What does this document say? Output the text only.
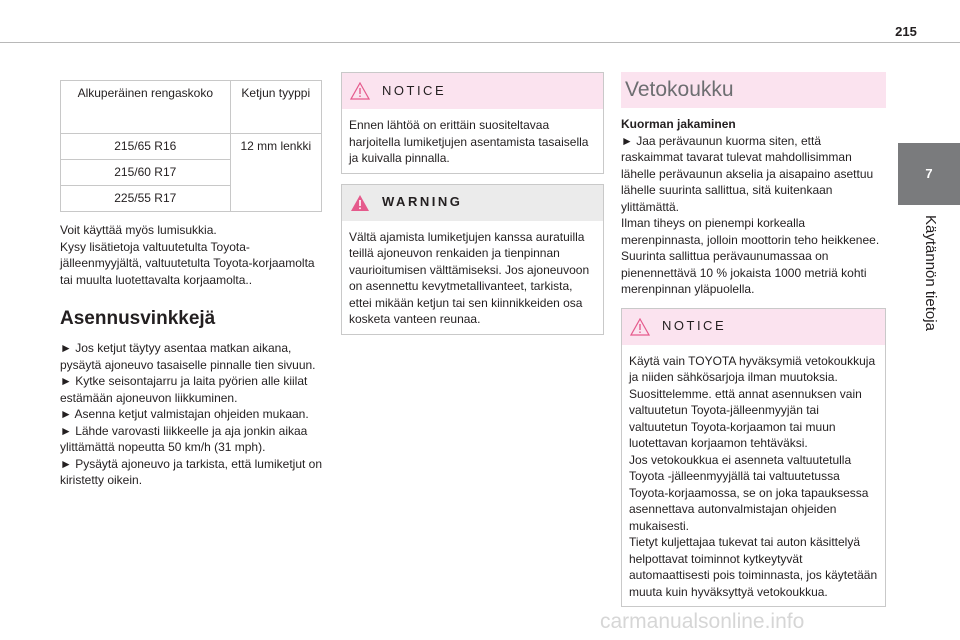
215
7
Käytännön tietoja
Alkuperäinen rengaskoko	Ketjun tyyppi
215/65 R16	12 mm lenkki
215/60 R17	
225/55 R17	

Voit käyttää myös lumisukkia.
Kysy lisätietoja valtuutetulta Toyota-jälleenmyyjältä, valtuutetulta Toyota-korjaamolta tai muulta luotettavalta korjaamolta..

Asennusvinkkejä

► Jos ketjut täytyy asentaa matkan aikana, pysäytä ajoneuvo tasaiselle pinnalle tien sivuun.

► Kytke seisontajarru ja laita pyörien alle kiilat estämään ajoneuvon liikkuminen.

► Asenna ketjut valmistajan ohjeiden mukaan.

► Lähde varovasti liikkeelle ja aja jonkin aikaa ylittämättä nopeutta 50 km/h (31 mph).

► Pysäytä ajoneuvo ja tarkista, että lumiketjut on kiristetty oikein.

NOTICE
Ennen lähtöä on erittäin suositeltavaa harjoitella lumiketjujen asentamista tasaisella ja kuivalla pinnalla.
WARNING
Vältä ajamista lumiketjujen kanssa auratuilla teillä ajoneuvon renkaiden ja tienpinnan vaurioitumisen välttämiseksi. Jos ajoneuvoon on asennettu kevytmetallivanteet, tarkista, ettei mikään ketjun tai sen kiinnikkeiden osa kosketa vanteen reunaa.
Vetokoukku

Kuorman jakaminen

► Jaa perävaunun kuorma siten, että raskaimmat tavarat tulevat mahdollisimman lähelle perävaunun akselia ja aisapaino asettuu lähelle suurinta sallittua, sitä kuitenkaan ylittämättä.
Ilman tiheys on pienempi korkealla merenpinnasta, jolloin moottorin teho heikkenee. Suurinta sallittua perävaunumassaa on pienennettävä 10 % jokaista 1000 metriä kohti merenpinnan yläpuolella.

NOTICE
Käytä vain TOYOTA hyväksymiä vetokoukkuja ja niiden sähkösarjoja ilman muutoksia. Suosittelemme. että annat asennuksen vain valtuutetun Toyota-jälleenmyyjän tai valtuutetun Toyota-korjaamon tai muun luotettavan korjaamon tehtäväksi.
Jos vetokoukkua ei asenneta valtuutetulla Toyota -jälleenmyyjällä tai valtuutetussa Toyota-korjaamossa, se on joka tapauksessa asennettava autonvalmistajan ohjeiden mukaisesti.
Tietyt kuljettajaa tukevat tai auton käsittelyä helpottavat toiminnot kytkeytyvät automaattisesti pois toiminnasta, jos käytetään muuta kuin hyväksyttyä vetokoukkua.
carmanualsonline.info
